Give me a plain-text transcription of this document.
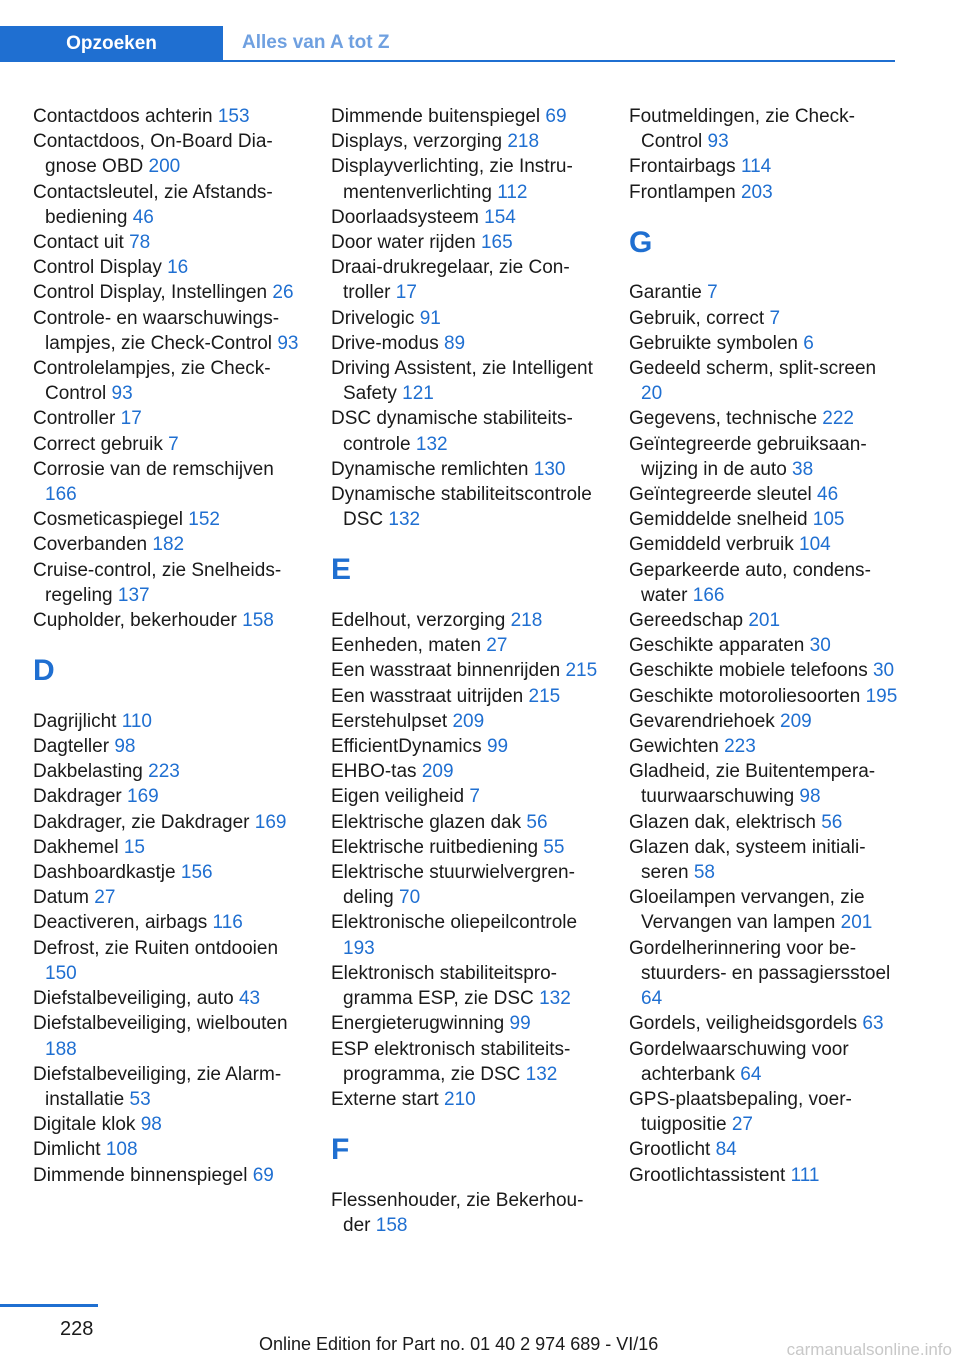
Opzoeken	Alles van A tot Z
Contactdoos achterin 153
Contactdoos, On-Board Diagnose OBD 200
Contactsleutel, zie Afstandsbediening 46
Contact uit 78
Control Display 16
Control Display, Instellingen 26
Controle- en waarschuwingslampjes, zie Check-Control 93
Controlelampjes, zie Check-Control 93
Controller 17
Correct gebruik 7
Corrosie van de remschijven 166
Cosmeticaspiegel 152
Coverbanden 182
Cruise-control, zie Snelheidsregeling 137
Cupholder, bekerhouder 158
D
Dagrijlicht 110
Dagteller 98
Dakbelasting 223
Dakdrager 169
Dakdrager, zie Dakdrager 169
Dakhemel 15
Dashboardkastje 156
Datum 27
Deactiveren, airbags 116
Defrost, zie Ruiten ontdooien 150
Diefstalbeveiliging, auto 43
Diefstalbeveiliging, wielbouten 188
Diefstalbeveiliging, zie Alarminstallatie 53
Digitale klok 98
Dimlicht 108
Dimmende binnenspiegel 69
Dimmende buitenspiegel 69
Displays, verzorging 218
Displayverlichting, zie Instrumentenverlichting 112
Doorlaadsysteem 154
Door water rijden 165
Draai-drukregelaar, zie Controller 17
Drivelogic 91
Drive-modus 89
Driving Assistent, zie Intelligent Safety 121
DSC dynamische stabiliteitscontrole 132
Dynamische remlichten 130
Dynamische stabiliteitscontrole DSC 132
E
Edelhout, verzorging 218
Eenheden, maten 27
Een wasstraat binnenrijden 215
Een wasstraat uitrijden 215
Eerstehulpset 209
EfficientDynamics 99
EHBO-tas 209
Eigen veiligheid 7
Elektrische glazen dak 56
Elektrische ruitbediening 55
Elektrische stuurwielvergrendeling 70
Elektronische oliepeilcontrole 193
Elektronisch stabiliteitsprogramma ESP, zie DSC 132
Energieterugwinning 99
ESP elektronisch stabiliteitsprogramma, zie DSC 132
Externe start 210
F
Flessenhouder, zie Bekerhouder 158
Foutmeldingen, zie Check-Control 93
Frontairbags 114
Frontlampen 203
G
Garantie 7
Gebruik, correct 7
Gebruikte symbolen 6
Gedeeld scherm, split-screen 20
Gegevens, technische 222
Geïntegreerde gebruiksaanwijzing in de auto 38
Geïntegreerde sleutel 46
Gemiddelde snelheid 105
Gemiddeld verbruik 104
Geparkeerde auto, condenswater 166
Gereedschap 201
Geschikte apparaten 30
Geschikte mobiele telefoons 30
Geschikte motoroliesoorten 195
Gevarendriehoek 209
Gewichten 223
Gladheid, zie Buitentemperatuurwaarschuwing 98
Glazen dak, elektrisch 56
Glazen dak, systeem initialiseren 58
Gloeilampen vervangen, zie Vervangen van lampen 201
Gordelherinnering voor bestuurders- en passagiersstoel 64
Gordels, veiligheidsgordels 63
Gordelwaarschuwing voor achterbank 64
GPS-plaatsbepaling, voertuigpositie 27
Grootlicht 84
Grootlichtassistent 111
228
Online Edition for Part no. 01 40 2 974 689 - VI/16	carmanualsonline.info
